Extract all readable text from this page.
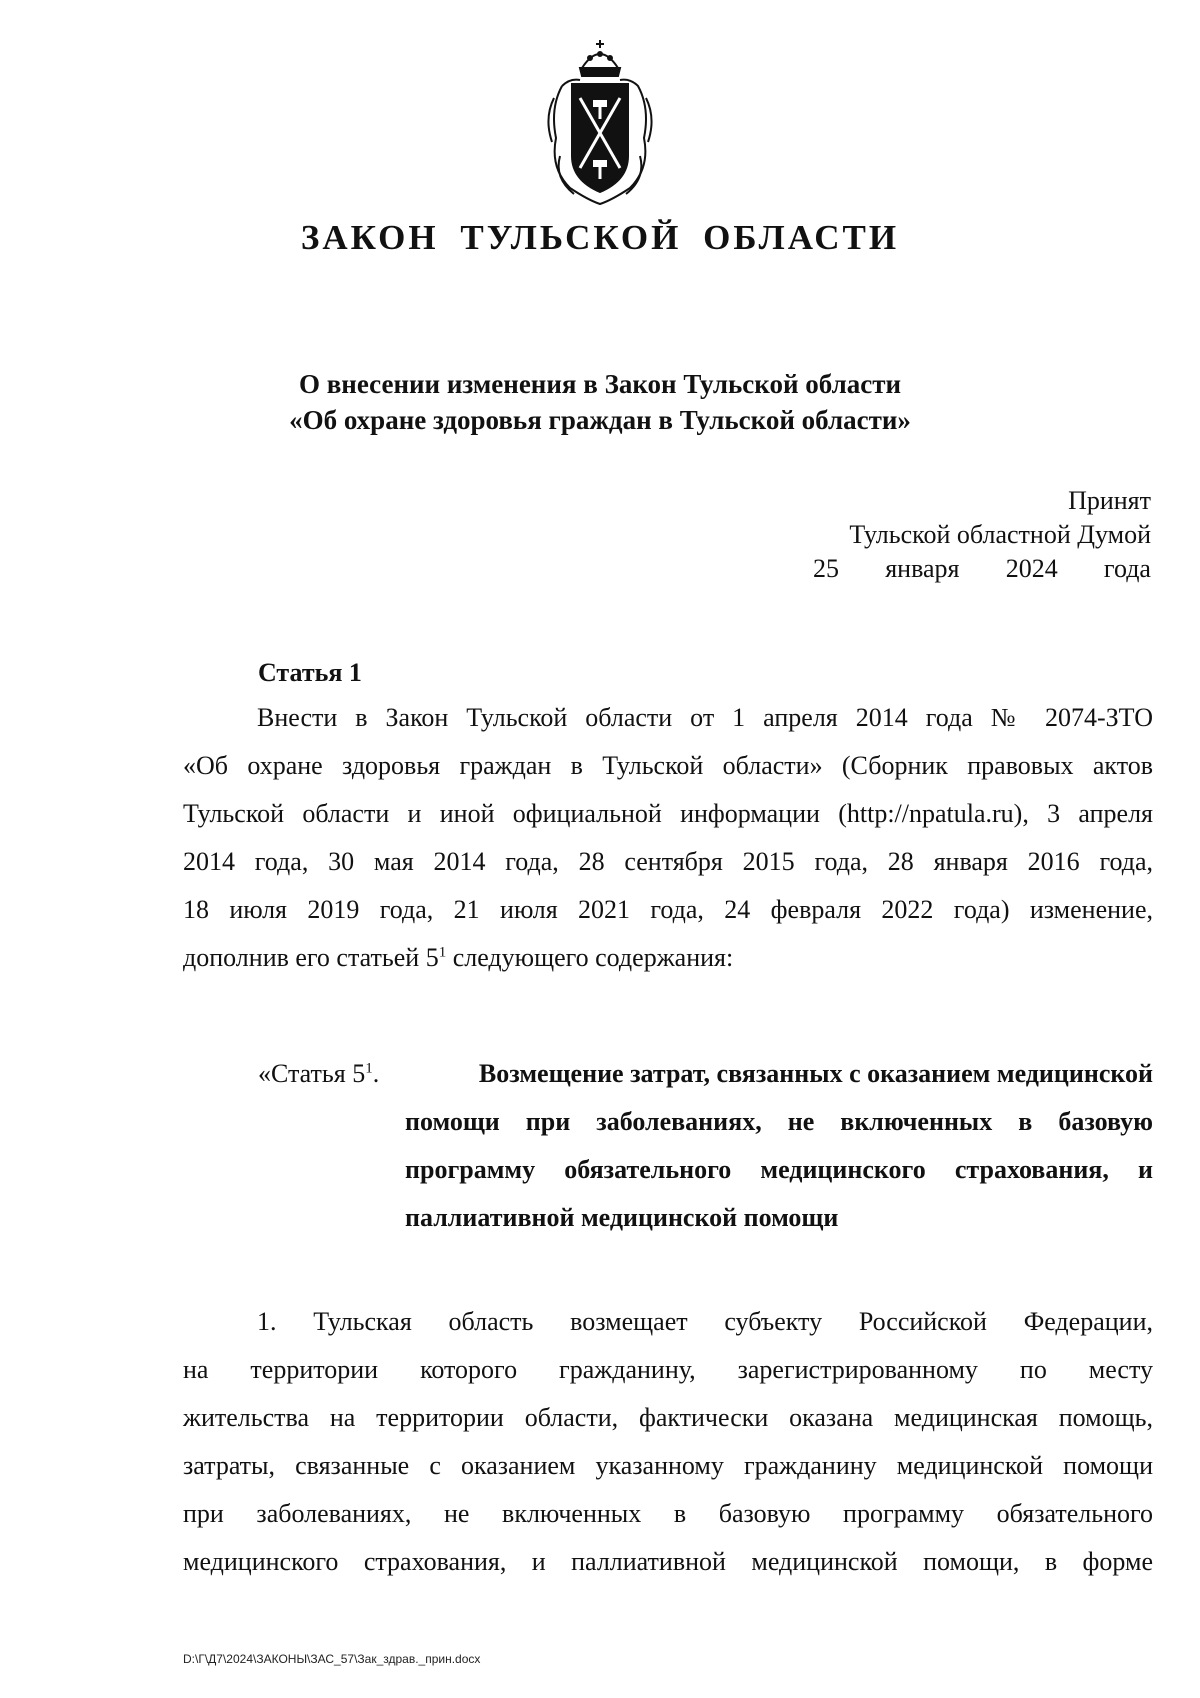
ЗАКОН ТУЛЬСКОЙ ОБЛАСТИ
О внесении изменения в Закон Тульской области
«Об охране здоровья граждан в Тульской области»
Принят
Тульской областной Думой
25 января 2024 года
Статья 1
Внести в Закон Тульской области от 1 апреля 2014 года № 2074-ЗТО
«Об охране здоровья граждан в Тульской области» (Сборник правовых актов
Тульской области и иной официальной информации (http://npatula.ru), 3 апреля
2014 года, 30 мая 2014 года, 28 сентября 2015 года, 28 января 2016 года,
18 июля 2019 года, 21 июля 2021 года, 24 февраля 2022 года) изменение,
дополнив его статьей $5^1$ следующего содержания:
«Статья $5^1$.	Возмещение затрат, связанных с оказанием медицинской
помощи при заболеваниях, не включенных в базовую
программу обязательного медицинского страхования, и
паллиативной медицинской помощи
1. Тульская область возмещает субъекту Российской Федерации,
на территории которого гражданину, зарегистрированному по месту
жительства на территории области, фактически оказана медицинская помощь,
затраты, связанные с оказанием указанному гражданину медицинской помощи
при заболеваниях, не включенных в базовую программу обязательного
медицинского страхования, и паллиативной медицинской помощи, в форме
D:\Г\Д7\2024\ЗАКОНЫ\ЗАС_57\Зак_здрав._прин.docx
